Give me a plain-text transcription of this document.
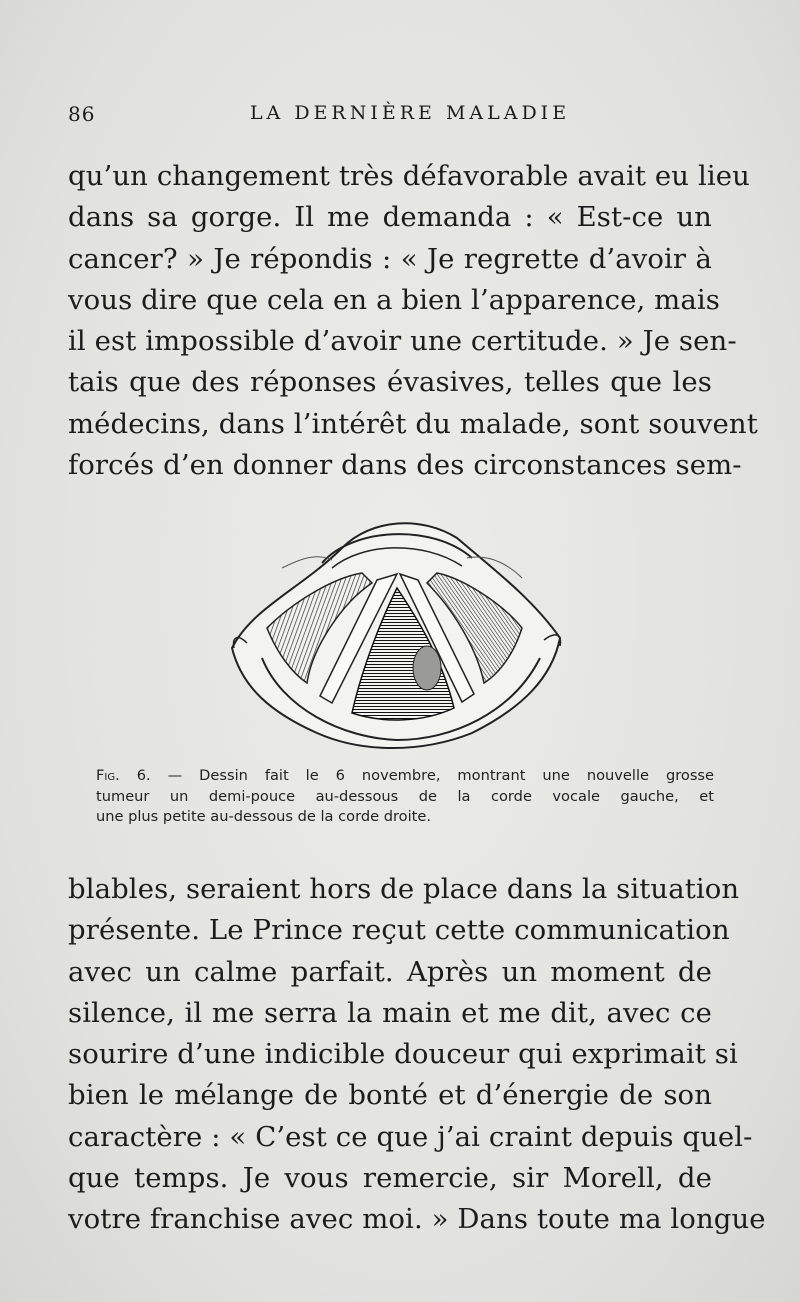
86	LA DERNIÈRE MALADIE
qu’un changement très défavorable avait eu lieu
dans sa gorge. Il me demanda : « Est-ce un
cancer? » Je répondis : « Je regrette d’avoir à
vous dire que cela en a bien l’apparence, mais
il est impossible d’avoir une certitude. » Je sen-
tais que des réponses évasives, telles que les
médecins, dans l’intérêt du malade, sont souvent
forcés d’en donner dans des circonstances sem-
Fig. 6. — Dessin fait le 6 novembre, montrant une nouvelle grosse
tumeur un demi-pouce au-dessous de la corde vocale gauche, et
une plus petite au-dessous de la corde droite.
blables, seraient hors de place dans la situation
présente. Le Prince reçut cette communication
avec un calme parfait. Après un moment de
silence, il me serra la main et me dit, avec ce
sourire d’une indicible douceur qui exprimait si
bien le mélange de bonté et d’énergie de son
caractère : « C’est ce que j’ai craint depuis quel-
que temps. Je vous remercie, sir Morell, de
votre franchise avec moi. » Dans toute ma longue
